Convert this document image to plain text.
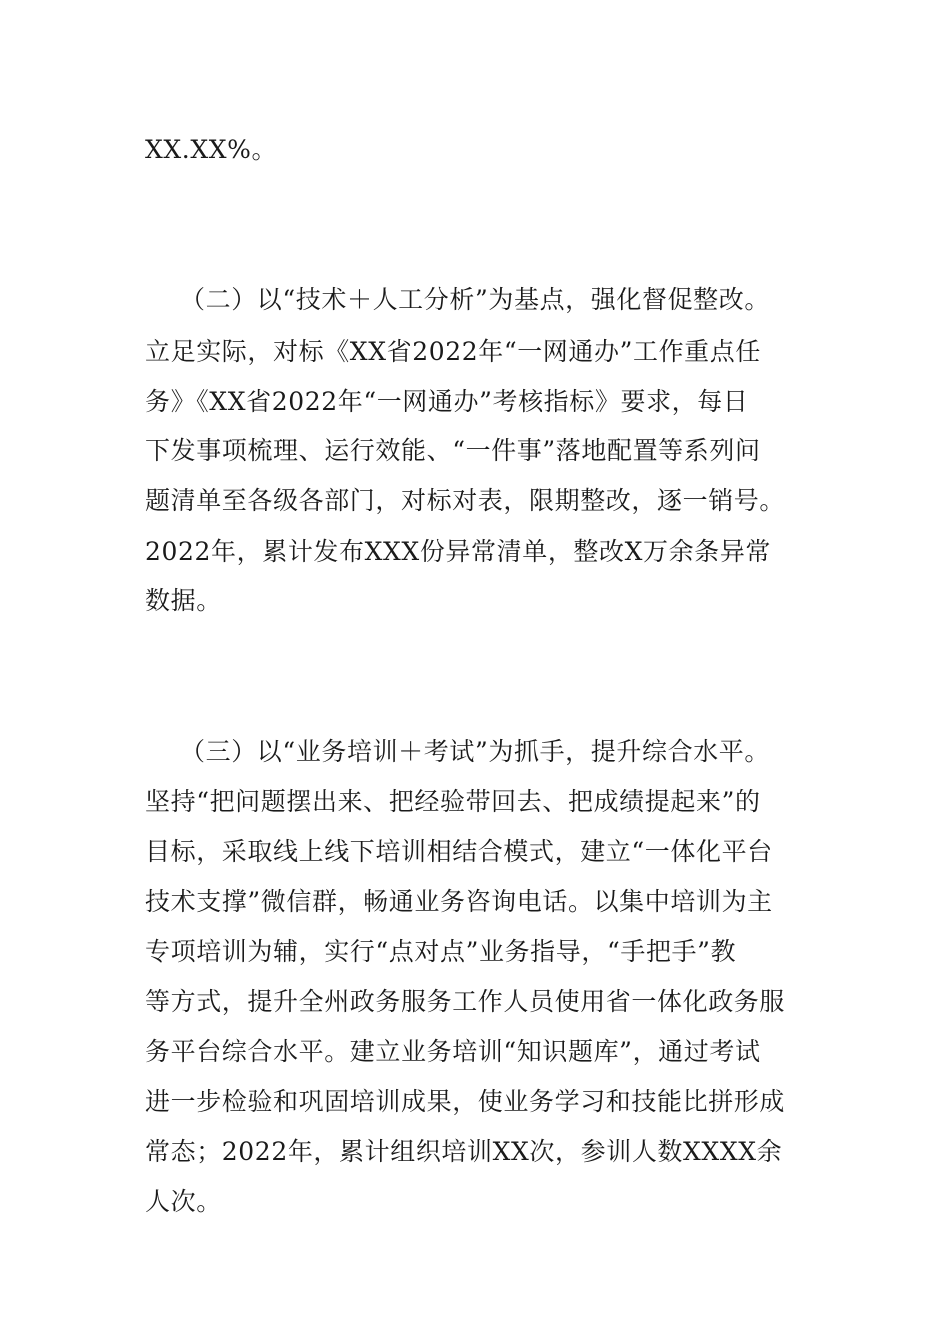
XX.XX%。

（二）以“技术＋人工分析”为基点，强化督促整改。

立足实际，对标《XX省2022年“一网通办”工作重点任

务》《XX省2022年“一网通办”考核指标》要求，每日

下发事项梳理、运行效能、“一件事”落地配置等系列问

题清单至各级各部门，对标对表，限期整改，逐一销号。

2022年，累计发布XXX份异常清单，整改X万余条异常

数据。

（三）以“业务培训＋考试”为抓手，提升综合水平。

坚持“把问题摆出来、把经验带回去、把成绩提起来”的

目标，采取线上线下培训相结合模式，建立“一体化平台

技术支撑”微信群，畅通业务咨询电话。以集中培训为主

专项培训为辅，实行“点对点”业务指导，“手把手”教

等方式，提升全州政务服务工作人员使用省一体化政务服

务平台综合水平。建立业务培训“知识题库”，通过考试

进一步检验和巩固培训成果，使业务学习和技能比拼形成

常态；2022年，累计组织培训XX次，参训人数XXXX余

人次。
